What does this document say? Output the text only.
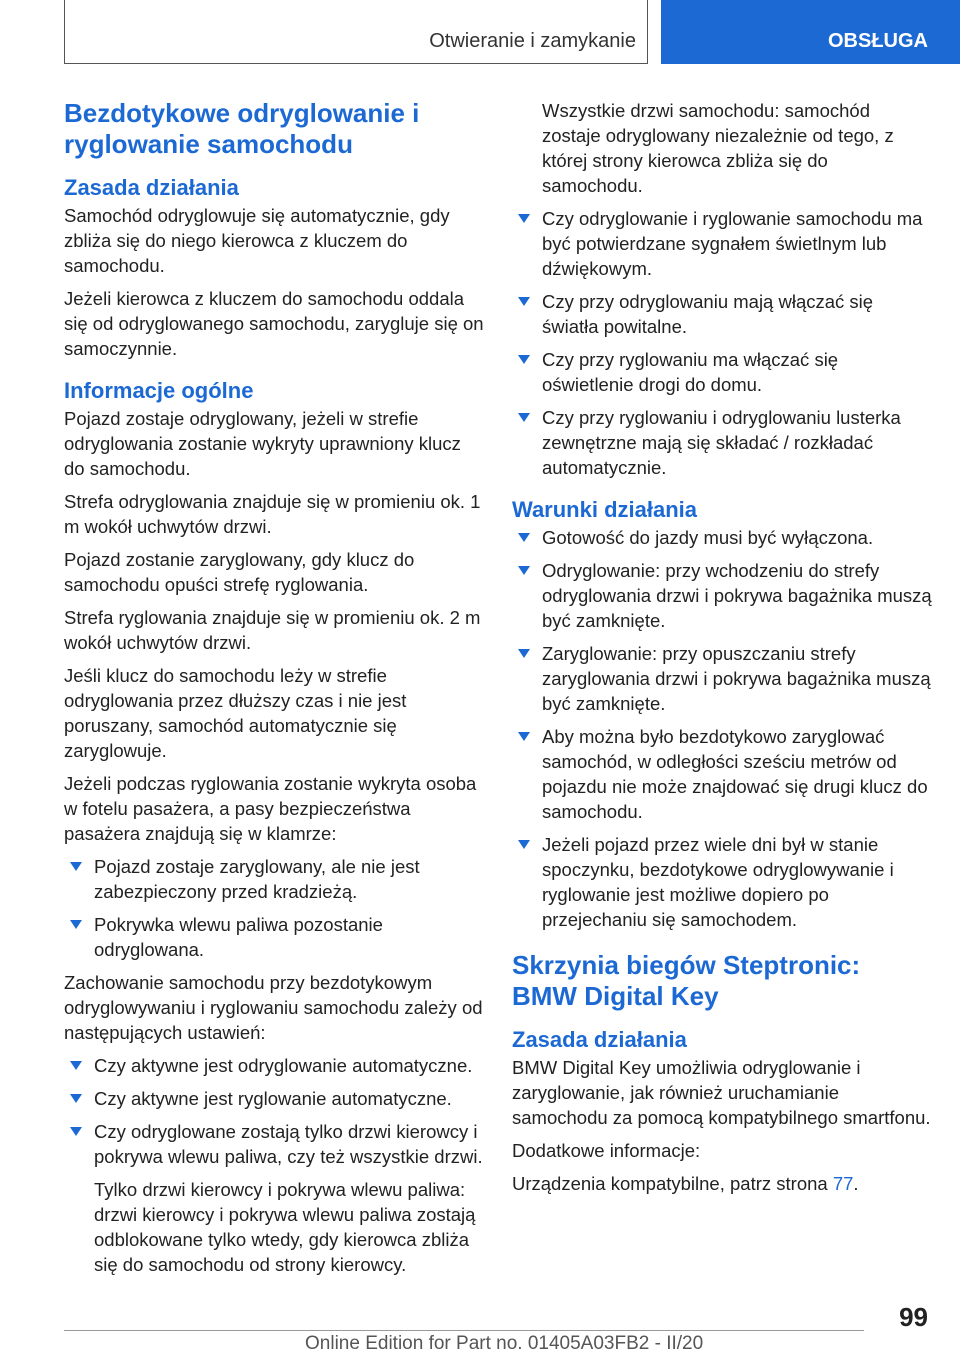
Otwieranie i zamykanie	OBSŁUGA
Bezdotykowe odryglowanie i ryglowanie samochodu
Zasada działania

Samochód odryglowuje się automatycznie, gdy zbliża się do niego kierowca z kluczem do samochodu.

Jeżeli kierowca z kluczem do samochodu oddala się od odryglowanego samochodu, zarygluje się on samoczynnie.

Informacje ogólne

Pojazd zostaje odryglowany, jeżeli w strefie odryglowania zostanie wykryty uprawniony klucz do samochodu.

Strefa odryglowania znajduje się w promieniu ok. 1 m wokół uchwytów drzwi.

Pojazd zostanie zaryglowany, gdy klucz do samochodu opuści strefę ryglowania.

Strefa ryglowania znajduje się w promieniu ok. 2 m wokół uchwytów drzwi.

Jeśli klucz do samochodu leży w strefie odryglowania przez dłuższy czas i nie jest poruszany, samochód automatycznie się zaryglowuje.

Jeżeli podczas ryglowania zostanie wykryta osoba w fotelu pasażera, a pasy bezpieczeństwa pasażera znajdują się w klamrze:

Pojazd zostaje zaryglowany, ale nie jest zabezpieczony przed kradzieżą.
Pokrywka wlewu paliwa pozostanie odryglowana.

Zachowanie samochodu przy bezdotykowym odryglowywaniu i ryglowaniu samochodu zależy od następujących ustawień:

Czy aktywne jest odryglowanie automatyczne.
Czy aktywne jest ryglowanie automatyczne.
Czy odryglowane zostają tylko drzwi kierowcy i pokrywa wlewu paliwa, czy też wszystkie drzwi.

Tylko drzwi kierowcy i pokrywa wlewu paliwa: drzwi kierowcy i pokrywa wlewu paliwa zostają odblokowane tylko wtedy, gdy kierowca zbliża się do samochodu od strony kierowcy.

Wszystkie drzwi samochodu: samochód zostaje odryglowany niezależnie od tego, z której strony kierowca zbliża się do samochodu.

Czy odryglowanie i ryglowanie samochodu ma być potwierdzane sygnałem świetlnym lub dźwiękowym.
Czy przy odryglowaniu mają włączać się światła powitalne.
Czy przy ryglowaniu ma włączać się oświetlenie drogi do domu.
Czy przy ryglowaniu i odryglowaniu lusterka zewnętrzne mają się składać / rozkładać automatycznie.
Warunki działania
Gotowość do jazdy musi być wyłączona.
Odryglowanie: przy wchodzeniu do strefy odryglowania drzwi i pokrywa bagażnika muszą być zamknięte.
Zaryglowanie: przy opuszczaniu strefy zaryglowania drzwi i pokrywa bagażnika muszą być zamknięte.
Aby można było bezdotykowo zaryglować samochód, w odległości sześciu metrów od pojazdu nie może znajdować się drugi klucz do samochodu.
Jeżeli pojazd przez wiele dni był w stanie spoczynku, bezdotykowe odryglowywanie i ryglowanie jest możliwe dopiero po przejechaniu się samochodem.
Skrzynia biegów Steptronic: BMW Digital Key
Zasada działania

BMW Digital Key umożliwia odryglowanie i zaryglowanie, jak również uruchamianie samochodu za pomocą kompatybilnego smartfonu.

Dodatkowe informacje:

Urządzenia kompatybilne, patrz strona 77.

99
Online Edition for Part no. 01405A03FB2 - II/20
